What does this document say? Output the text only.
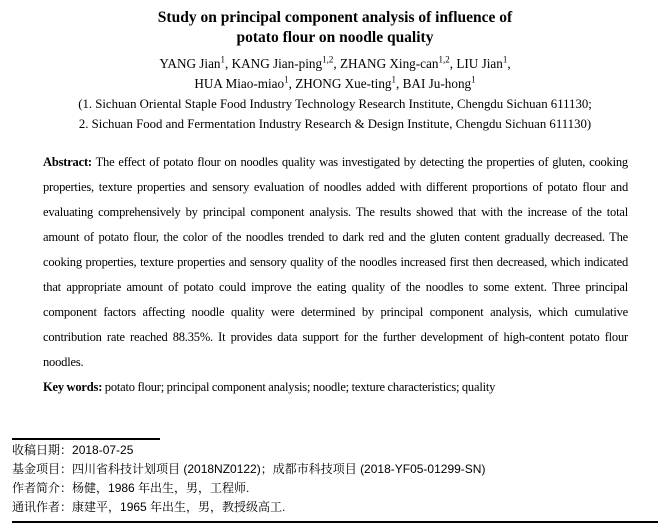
Study on principal component analysis of influence of
potato flour on noodle quality
YANG Jian$^1$, KANG Jian-ping$^{1,2}$, ZHANG Xing-can$^{1,2}$, LIU Jian$^1$,
HUA Miao-miao$^1$, ZHONG Xue-ting$^1$, BAI Ju-hong$^1$
(1. Sichuan Oriental Staple Food Industry Technology Research Institute, Chengdu Sichuan 611130;
2. Sichuan Food and Fermentation Industry Research & Design Institute, Chengdu Sichuan 611130)

Abstract: The effect of potato flour on noodles quality was investigated by detecting the properties of gluten, cooking properties, texture properties and sensory evaluation of noodles added with different proportions of potato flour and evaluating comprehensively by principal component analysis. The results showed that with the increase of the total amount of potato flour, the color of the noodles trended to dark red and the gluten content gradually decreased. The cooking properties, texture properties and sensory quality of the noodles increased first then decreased, which indicated that appropriate amount of potato could improve the eating quality of the noodles to some extent. Three principal component factors affecting noodle quality were determined by principal component analysis, which cumulative contribution rate reached 88.35%. It provides data support for the further development of high-content potato flour noodles.

Key words: potato flour; principal component analysis; noodle; texture characteristics; quality

收稿日期：2018-07-25
基金项目：四川省科技计划项目 (2018NZ0122)；成都市科技项目 (2018-YF05-01299-SN)
作者简介：杨健，1986 年出生，男，工程师.
通讯作者：康建平，1965 年出生，男，教授级高工.
